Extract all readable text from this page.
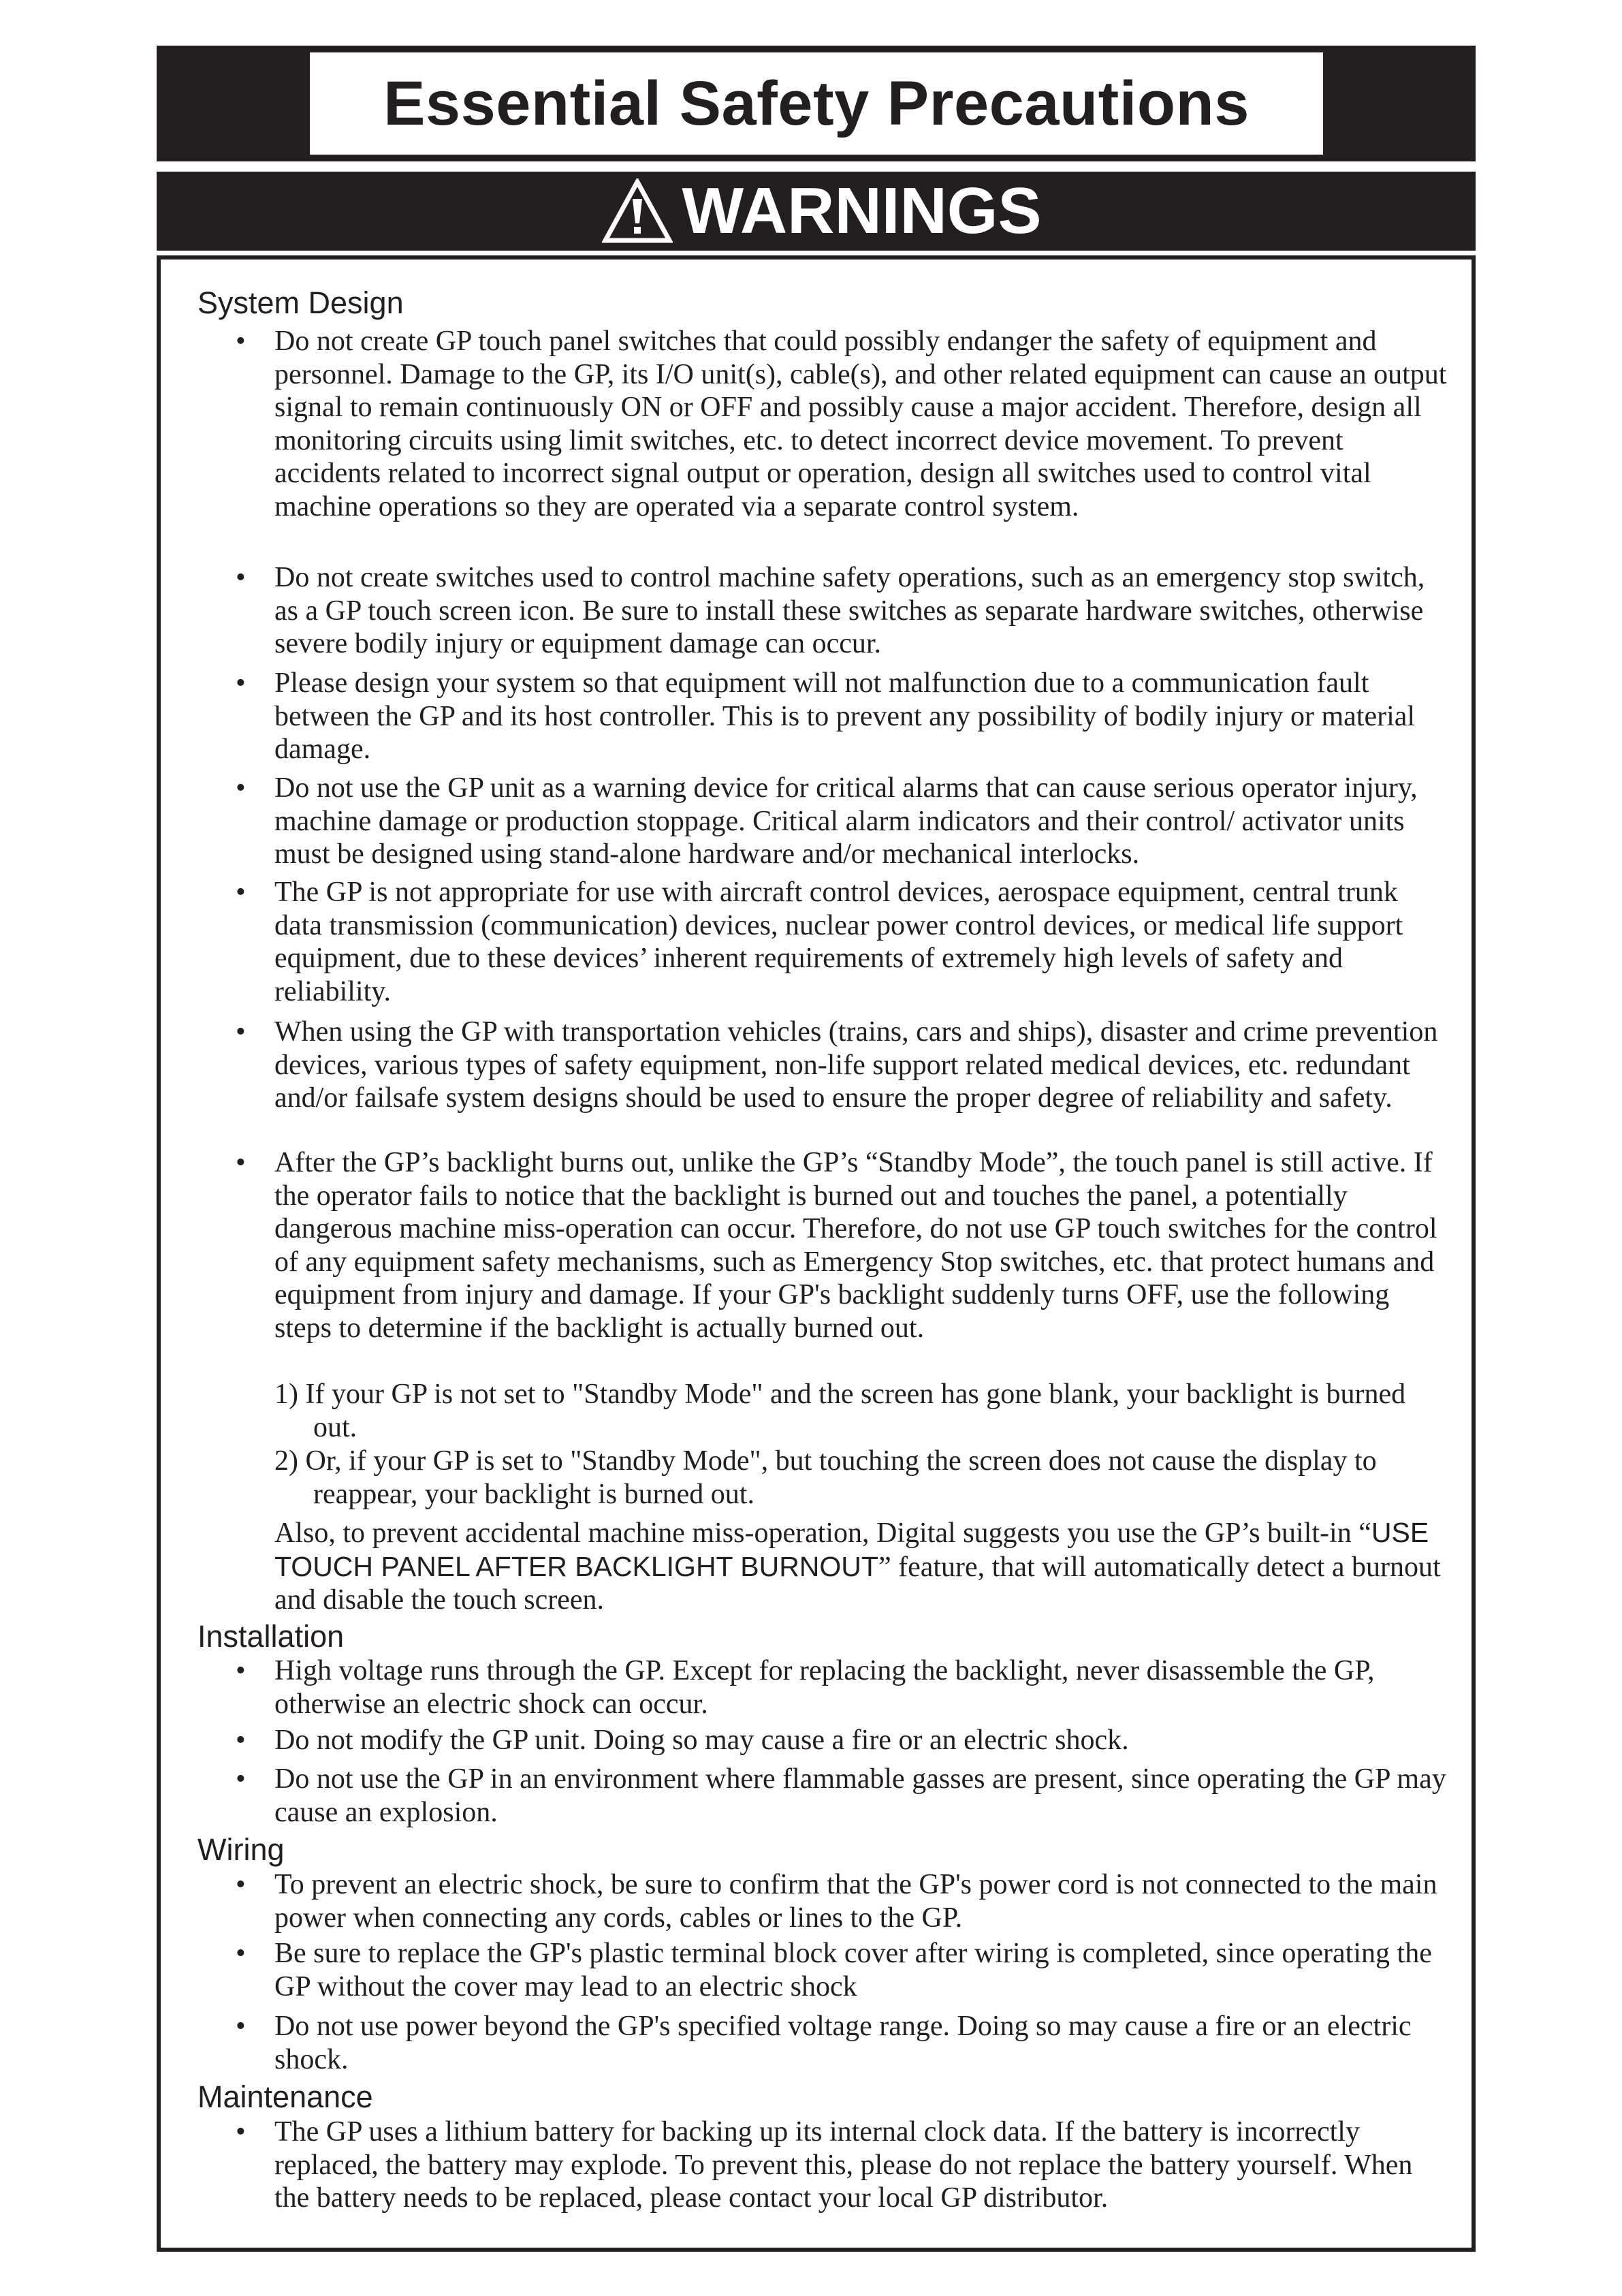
Essential Safety Precautions
WARNINGS
System Design
• Do not create GP touch panel switches that could possibly endanger the safety of equipment and personnel. Damage to the GP, its I/O unit(s), cable(s), and other related equipment can cause an output signal to remain continuously ON or OFF and possibly cause a major accident. Therefore, design all monitoring circuits using limit switches, etc. to detect incorrect device movement. To prevent accidents related to incorrect signal output or operation, design all switches used to control vital machine operations so they are operated via a separate control system.

• Do not create switches used to control machine safety operations, such as an emergency stop switch, as a GP touch screen icon. Be sure to install these switches as separate hardware switches, otherwise severe bodily injury or equipment damage can occur.

• Please design your system so that equipment will not malfunction due to a communication fault between the GP and its host controller. This is to prevent any possibility of bodily injury or material damage.

• Do not use the GP unit as a warning device for critical alarms that can cause serious operator injury, machine damage or production stoppage. Critical alarm indicators and their control/ activator units must be designed using stand-alone hardware and/or mechanical interlocks.

• The GP is not appropriate for use with aircraft control devices, aerospace equipment, central trunk data transmission (communication) devices, nuclear power control devices, or medical life support equipment, due to these devices’ inherent requirements of extremely high levels of safety and reliability.

• When using the GP with transportation vehicles (trains, cars and ships), disaster and crime prevention devices, various types of safety equipment, non-life support related medical devices, etc. redundant and/or failsafe system designs should be used to ensure the proper degree of reliability and safety.

• After the GP’s backlight burns out, unlike the GP’s “Standby Mode”, the touch panel is still active. If the operator fails to notice that the backlight is burned out and touches the panel, a potentially dangerous machine miss-operation can occur. Therefore, do not use GP touch switches for the control of any equipment safety mechanisms, such as Emergency Stop switches, etc. that protect humans and equipment from injury and damage. If your GP's backlight suddenly turns OFF, use the following steps to determine if the backlight is actually burned out.

1) If your GP is not set to "Standby Mode" and the screen has gone blank, your backlight is burned out.

2) Or, if your GP is set to "Standby Mode", but touching the screen does not cause the display to reappear, your backlight is burned out.

Also, to prevent accidental machine miss-operation, Digital suggests you use the GP’s built-in “USE TOUCH PANEL AFTER BACKLIGHT BURNOUT” feature, that will automatically detect a burnout and disable the touch screen.

Installation
• High voltage runs through the GP. Except for replacing the backlight, never disassemble the GP, otherwise an electric shock can occur.

• Do not modify the GP unit. Doing so may cause a fire or an electric shock.

• Do not use the GP in an environment where flammable gasses are present, since operating the GP may cause an explosion.

Wiring
• To prevent an electric shock, be sure to confirm that the GP's power cord is not connected to the main power when connecting any cords, cables or lines to the GP.

• Be sure to replace the GP's plastic terminal block cover after wiring is completed, since operating the GP without the cover may lead to an electric shock

• Do not use power beyond the GP's specified voltage range. Doing so may cause a fire or an electric shock.

Maintenance
• The GP uses a lithium battery for backing up its internal clock data. If the battery is incorrectly replaced, the battery may explode. To prevent this, please do not replace the battery yourself. When the battery needs to be replaced, please contact your local GP distributor.
